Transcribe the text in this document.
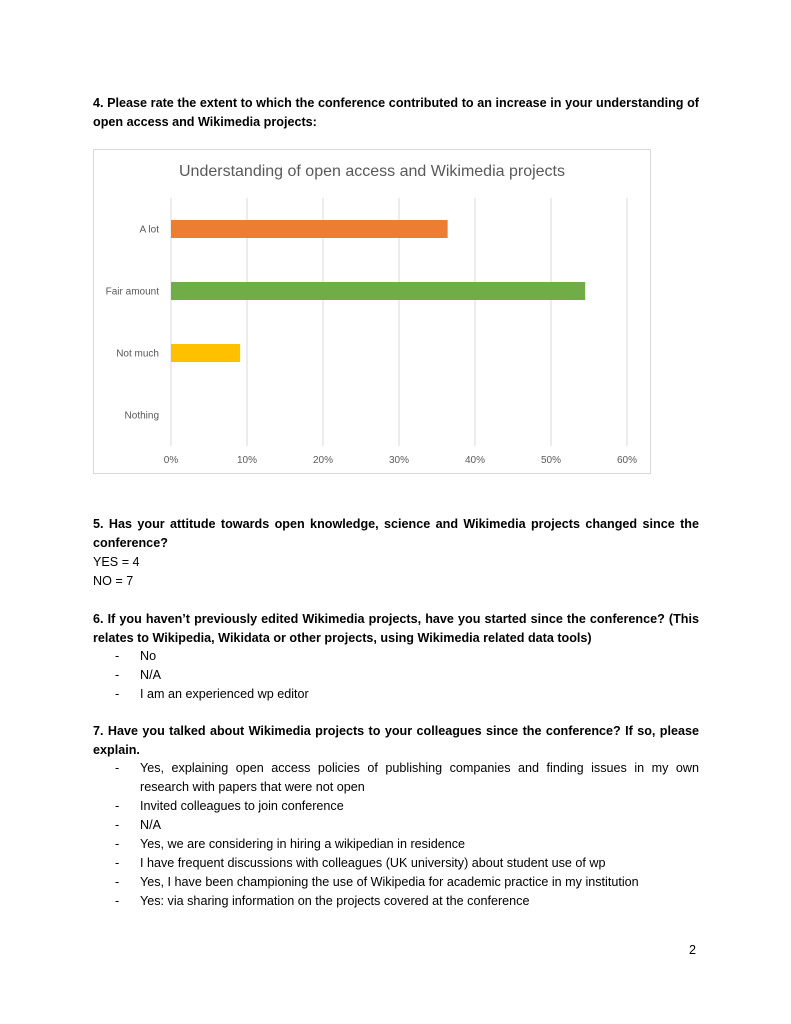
4. Please rate the extent to which the conference contributed to an increase in your understanding of open access and Wikimedia projects:
Understanding of open access and Wikimedia projects
0%	10%	20%	30%	40%	50%	60%
A lot
Fair amount
Not much
Nothing
5. Has your attitude towards open knowledge, science and Wikimedia projects changed since the conference?
YES = 4
NO = 7
6. If you haven’t previously edited Wikimedia projects, have you started since the conference? (This relates to Wikipedia, Wikidata or other projects, using Wikimedia related data tools)
- No
- N/A
- I am an experienced wp editor
7. Have you talked about Wikimedia projects to your colleagues since the conference? If so, please explain.
- Yes, explaining open access policies of publishing companies and finding issues in my own research with papers that were not open
- Invited colleagues to join conference
- N/A
- Yes, we are considering in hiring a wikipedian in residence
- I have frequent discussions with colleagues (UK university) about student use of wp
- Yes, I have been championing the use of Wikipedia for academic practice in my institution
- Yes: via sharing information on the projects covered at the conference
2
